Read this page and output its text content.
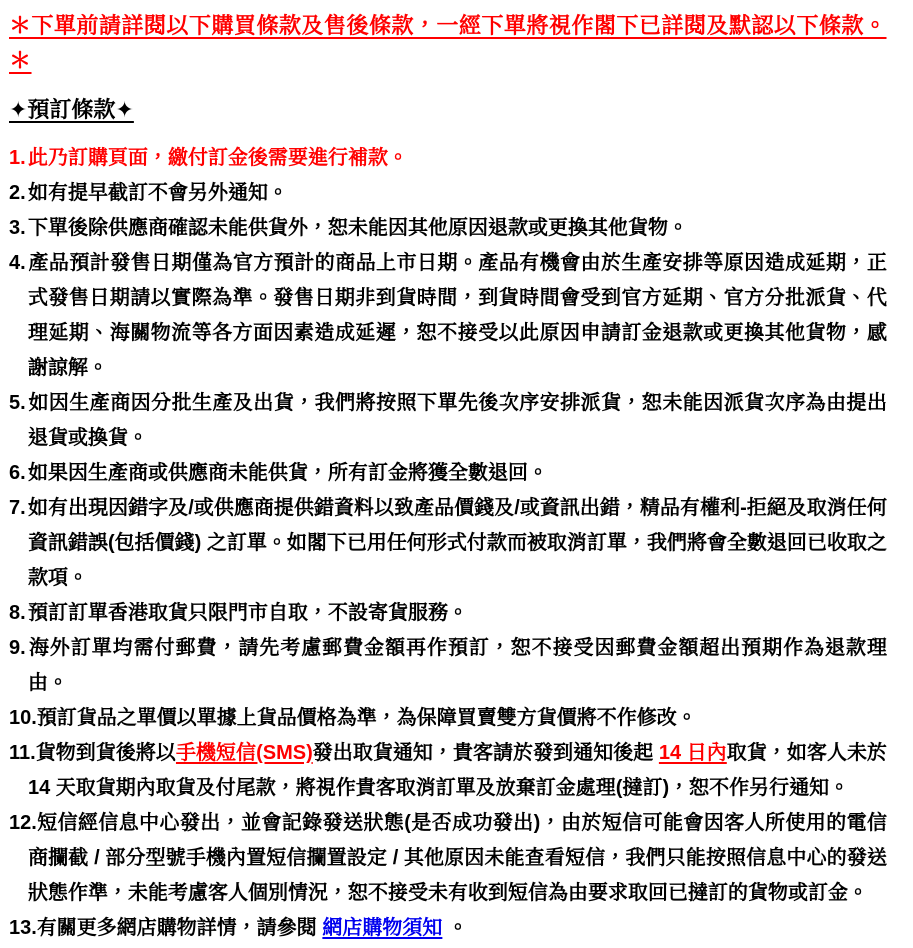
＊下單前請詳閱以下購買條款及售後條款，一經下單將視作閣下已詳閱及默認以下條款。＊

✦預訂條款✦

1. 此乃訂購頁面，繳付訂金後需要進行補款。
2. 如有提早截訂不會另外通知。
3. 下單後除供應商確認未能供貨外，恕未能因其他原因退款或更換其他貨物。
4. 產品預計發售日期僅為官方預計的商品上市日期。產品有機會由於生產安排等原因造成延期，正式發售日期請以實際為準。發售日期非到貨時間，到貨時間會受到官方延期、官方分批派貨、代理延期、海關物流等各方面因素造成延遲，恕不接受以此原因申請訂金退款或更換其他貨物，感謝諒解。
5. 如因生產商因分批生產及出貨，我們將按照下單先後次序安排派貨，恕未能因派貨次序為由提出退貨或換貨。
6. 如果因生產商或供應商未能供貨，所有訂金將獲全數退回。
7. 如有出現因錯字及/或供應商提供錯資料以致產品價錢及/或資訊出錯，精品有權利-拒絕及取消任何資訊錯誤(包括價錢) 之訂單。如閣下已用任何形式付款而被取消訂單，我們將會全數退回已收取之款項。
8. 預訂訂單香港取貨只限門市自取，不設寄貨服務。
9. 海外訂單均需付郵費，請先考慮郵費金額再作預訂，恕不接受因郵費金額超出預期作為退款理由。
10.預訂貨品之單價以單據上貨品價格為準，為保障買賣雙方貨價將不作修改。
11.貨物到貨後將以手機短信(SMS)發出取貨通知，貴客請於發到通知後起 14 日內取貨，如客人未於 14 天取貨期內取貨及付尾款，將視作貴客取消訂單及放棄訂金處理(撻訂)，恕不作另行通知。
12.短信經信息中心發出，並會記錄發送狀態(是否成功發出)，由於短信可能會因客人所使用的電信商攔截 / 部分型號手機內置短信攔置設定 / 其他原因未能查看短信，我們只能按照信息中心的發送狀態作準，未能考慮客人個別情況，恕不接受未有收到短信為由要求取回已撻訂的貨物或訂金。
13.有關更多網店購物詳情，請參閱 網店購物須知 。
